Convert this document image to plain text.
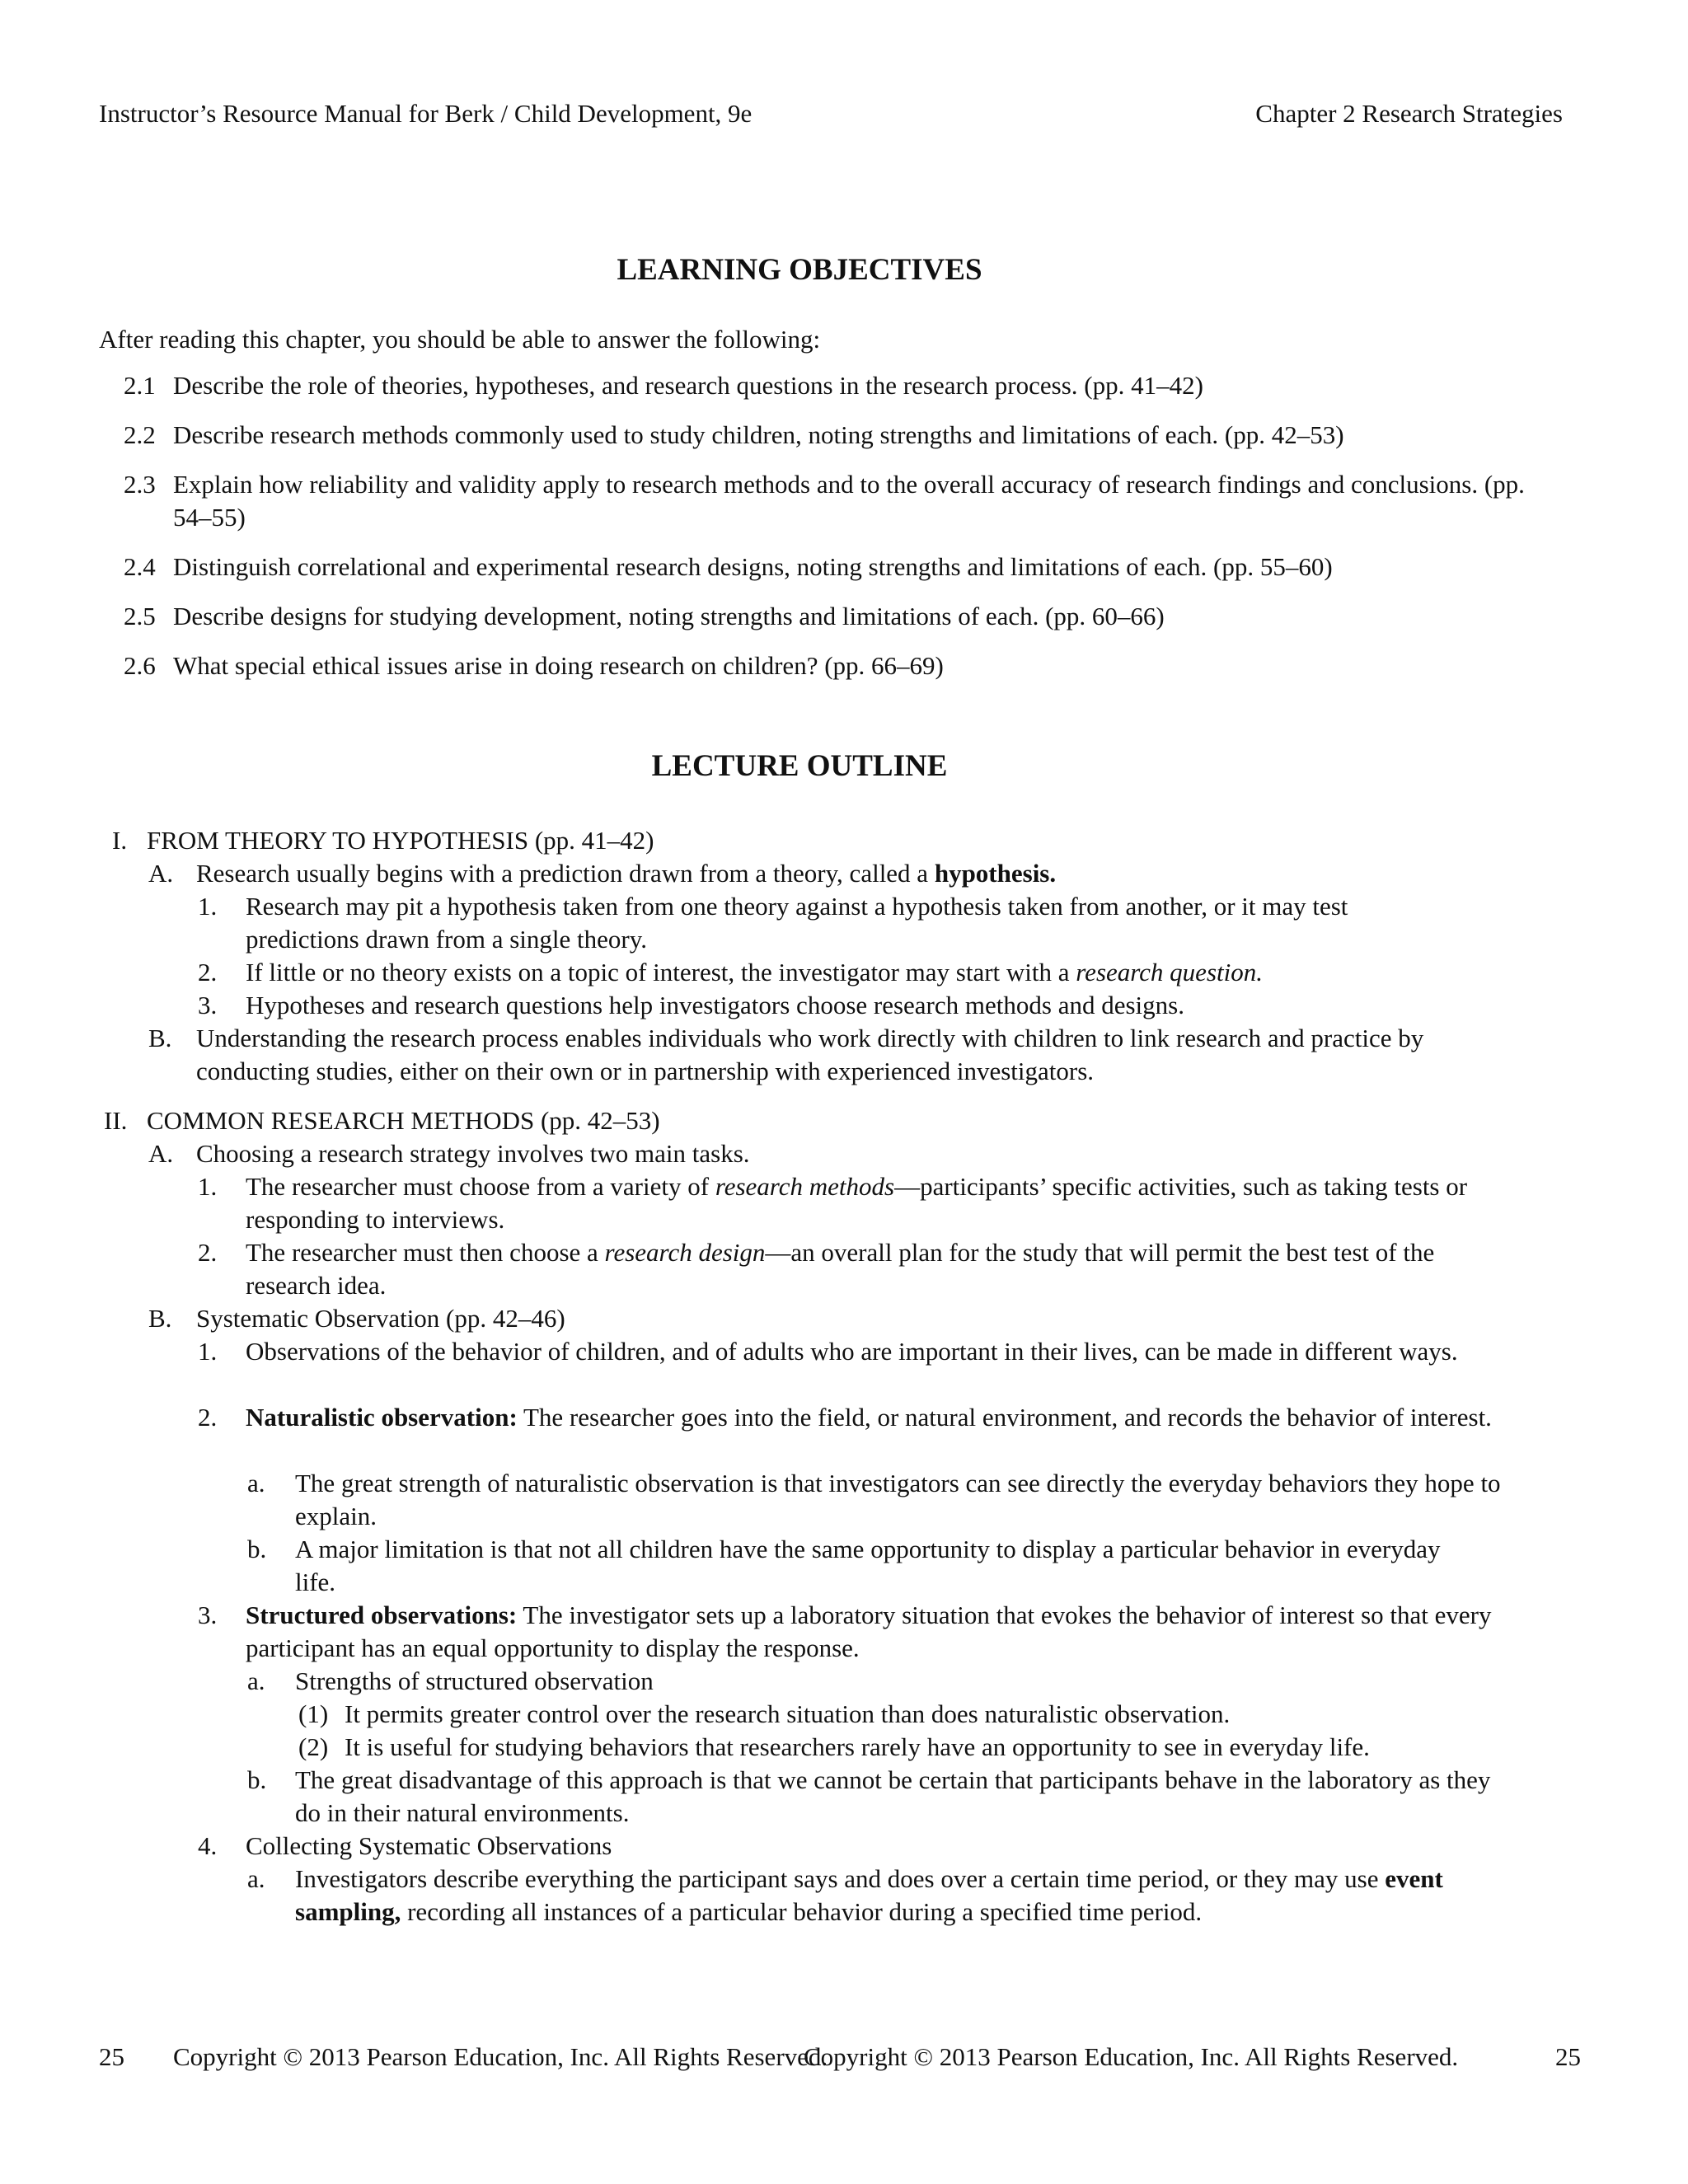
Instructor’s Resource Manual for Berk / Child Development, 9e	Chapter 2 Research Strategies
LEARNING OBJECTIVES
After reading this chapter, you should be able to answer the following:
2.1 Describe the role of theories, hypotheses, and research questions in the research process. (pp. 41–42)
2.2 Describe research methods commonly used to study children, noting strengths and limitations of each. (pp. 42–53)
2.3 Explain how reliability and validity apply to research methods and to the overall accuracy of research findings and conclusions. (pp. 54–55)
2.4 Distinguish correlational and experimental research designs, noting strengths and limitations of each. (pp. 55–60)
2.5 Describe designs for studying development, noting strengths and limitations of each. (pp. 60–66)
2.6 What special ethical issues arise in doing research on children? (pp. 66–69)
LECTURE OUTLINE
I. FROM THEORY TO HYPOTHESIS (pp. 41–42)
A. Research usually begins with a prediction drawn from a theory, called a hypothesis.
1. Research may pit a hypothesis taken from one theory against a hypothesis taken from another, or it may test predictions drawn from a single theory.
2. If little or no theory exists on a topic of interest, the investigator may start with a research question.
3. Hypotheses and research questions help investigators choose research methods and designs.
B. Understanding the research process enables individuals who work directly with children to link research and practice by conducting studies, either on their own or in partnership with experienced investigators.
II. COMMON RESEARCH METHODS (pp. 42–53)
A. Choosing a research strategy involves two main tasks.
1. The researcher must choose from a variety of research methods—participants’ specific activities, such as taking tests or responding to interviews.
2. The researcher must then choose a research design—an overall plan for the study that will permit the best test of the research idea.
B. Systematic Observation (pp. 42–46)
1. Observations of the behavior of children, and of adults who are important in their lives, can be made in different ways.
2. Naturalistic observation: The researcher goes into the field, or natural environment, and records the behavior of interest.
a. The great strength of naturalistic observation is that investigators can see directly the everyday behaviors they hope to explain.
b. A major limitation is that not all children have the same opportunity to display a particular behavior in everyday life.
3. Structured observations: The investigator sets up a laboratory situation that evokes the behavior of interest so that every participant has an equal opportunity to display the response.
a. Strengths of structured observation
(1) It permits greater control over the research situation than does naturalistic observation.
(2) It is useful for studying behaviors that researchers rarely have an opportunity to see in everyday life.
b. The great disadvantage of this approach is that we cannot be certain that participants behave in the laboratory as they do in their natural environments.
4. Collecting Systematic Observations
a. Investigators describe everything the participant says and does over a certain time period, or they may use event sampling, recording all instances of a particular behavior during a specified time period.
25 Copyright © 2013 Pearson Education, Inc. All Rights Reserved.
Copyright © 2013 Pearson Education, Inc. All Rights Reserved.	25
